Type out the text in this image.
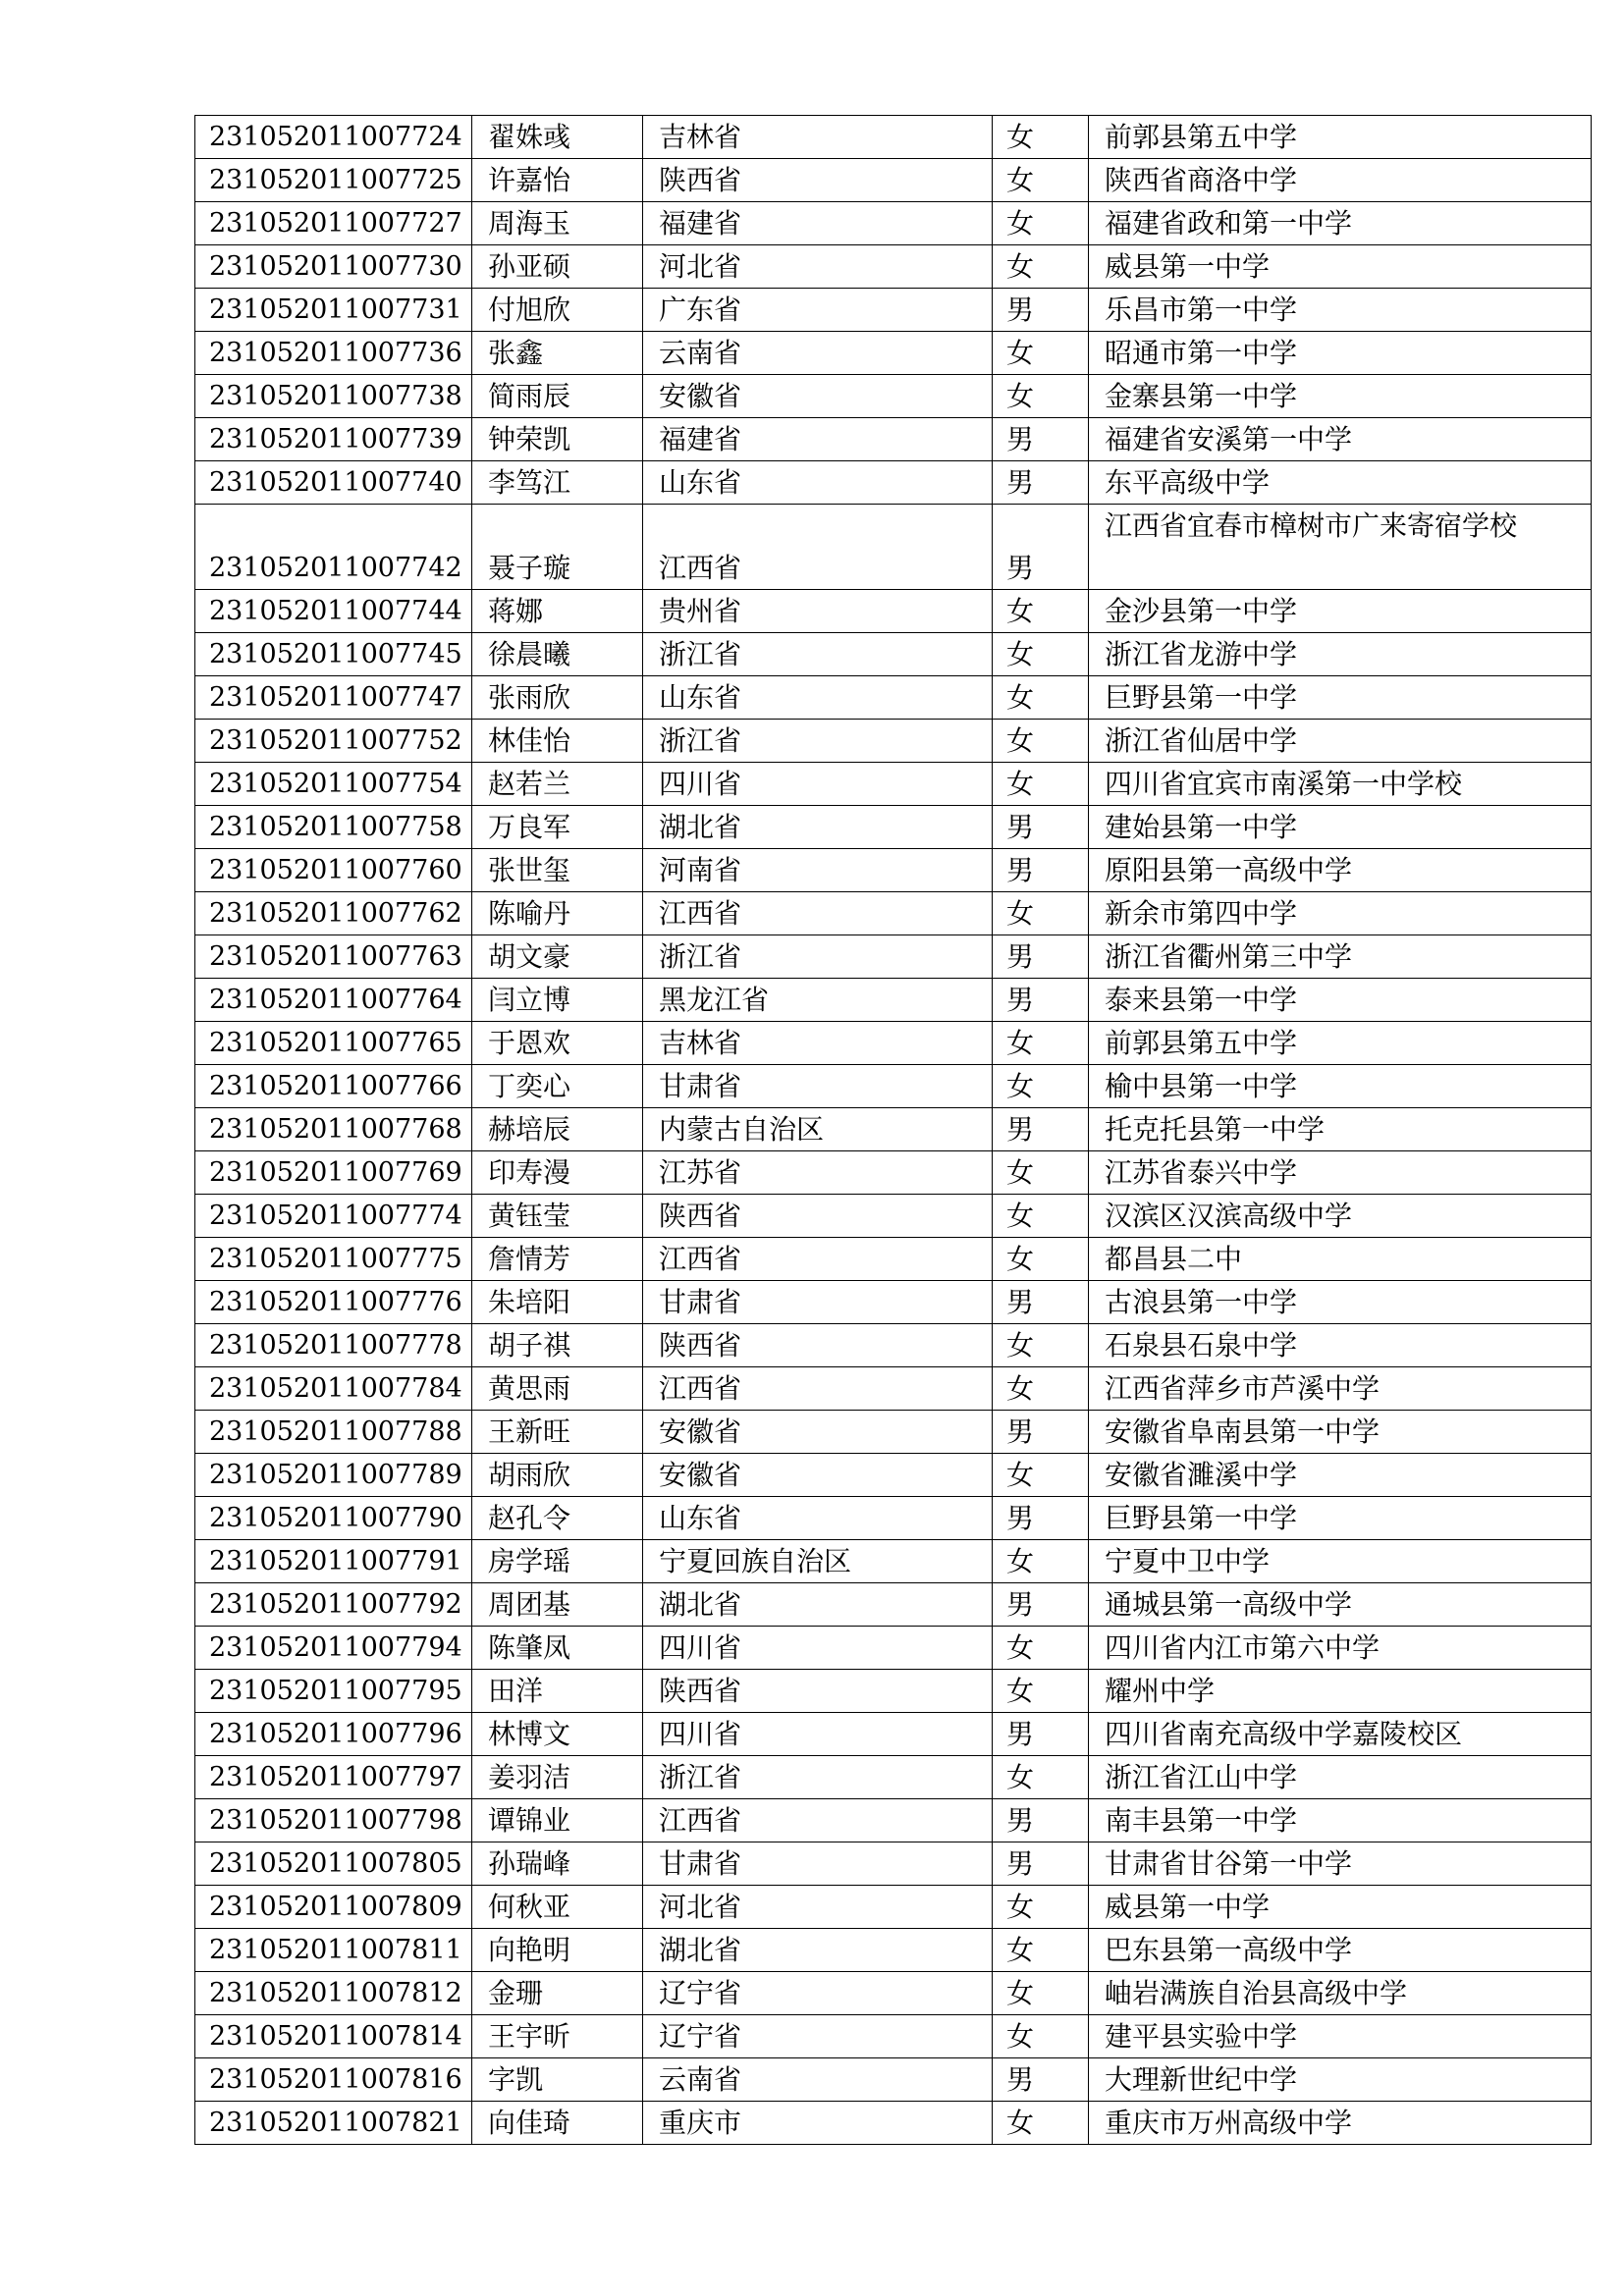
231052011007724	翟姝彧	吉林省	女	前郭县第五中学
231052011007725	许嘉怡	陕西省	女	陕西省商洛中学
231052011007727	周海玉	福建省	女	福建省政和第一中学
231052011007730	孙亚硕	河北省	女	威县第一中学
231052011007731	付旭欣	广东省	男	乐昌市第一中学
231052011007736	张鑫	云南省	女	昭通市第一中学
231052011007738	简雨辰	安徽省	女	金寨县第一中学
231052011007739	钟荣凯	福建省	男	福建省安溪第一中学
231052011007740	李笃江	山东省	男	东平高级中学
231052011007742	聂子璇	江西省	男	江西省宜春市樟树市广来寄宿学校
231052011007744	蒋娜	贵州省	女	金沙县第一中学
231052011007745	徐晨曦	浙江省	女	浙江省龙游中学
231052011007747	张雨欣	山东省	女	巨野县第一中学
231052011007752	林佳怡	浙江省	女	浙江省仙居中学
231052011007754	赵若兰	四川省	女	四川省宜宾市南溪第一中学校
231052011007758	万良军	湖北省	男	建始县第一中学
231052011007760	张世玺	河南省	男	原阳县第一高级中学
231052011007762	陈喻丹	江西省	女	新余市第四中学
231052011007763	胡文豪	浙江省	男	浙江省衢州第三中学
231052011007764	闫立博	黑龙江省	男	泰来县第一中学
231052011007765	于恩欢	吉林省	女	前郭县第五中学
231052011007766	丁奕心	甘肃省	女	榆中县第一中学
231052011007768	赫培辰	内蒙古自治区	男	托克托县第一中学
231052011007769	印寿漫	江苏省	女	江苏省泰兴中学
231052011007774	黄钰莹	陕西省	女	汉滨区汉滨高级中学
231052011007775	詹情芳	江西省	女	都昌县二中
231052011007776	朱培阳	甘肃省	男	古浪县第一中学
231052011007778	胡子祺	陕西省	女	石泉县石泉中学
231052011007784	黄思雨	江西省	女	江西省萍乡市芦溪中学
231052011007788	王新旺	安徽省	男	安徽省阜南县第一中学
231052011007789	胡雨欣	安徽省	女	安徽省濉溪中学
231052011007790	赵孔令	山东省	男	巨野县第一中学
231052011007791	房学瑶	宁夏回族自治区	女	宁夏中卫中学
231052011007792	周团基	湖北省	男	通城县第一高级中学
231052011007794	陈肇凤	四川省	女	四川省内江市第六中学
231052011007795	田洋	陕西省	女	耀州中学
231052011007796	林博文	四川省	男	四川省南充高级中学嘉陵校区
231052011007797	姜羽洁	浙江省	女	浙江省江山中学
231052011007798	谭锦业	江西省	男	南丰县第一中学
231052011007805	孙瑞峰	甘肃省	男	甘肃省甘谷第一中学
231052011007809	何秋亚	河北省	女	威县第一中学
231052011007811	向艳明	湖北省	女	巴东县第一高级中学
231052011007812	金珊	辽宁省	女	岫岩满族自治县高级中学
231052011007814	王宇昕	辽宁省	女	建平县实验中学
231052011007816	字凯	云南省	男	大理新世纪中学
231052011007821	向佳琦	重庆市	女	重庆市万州高级中学
